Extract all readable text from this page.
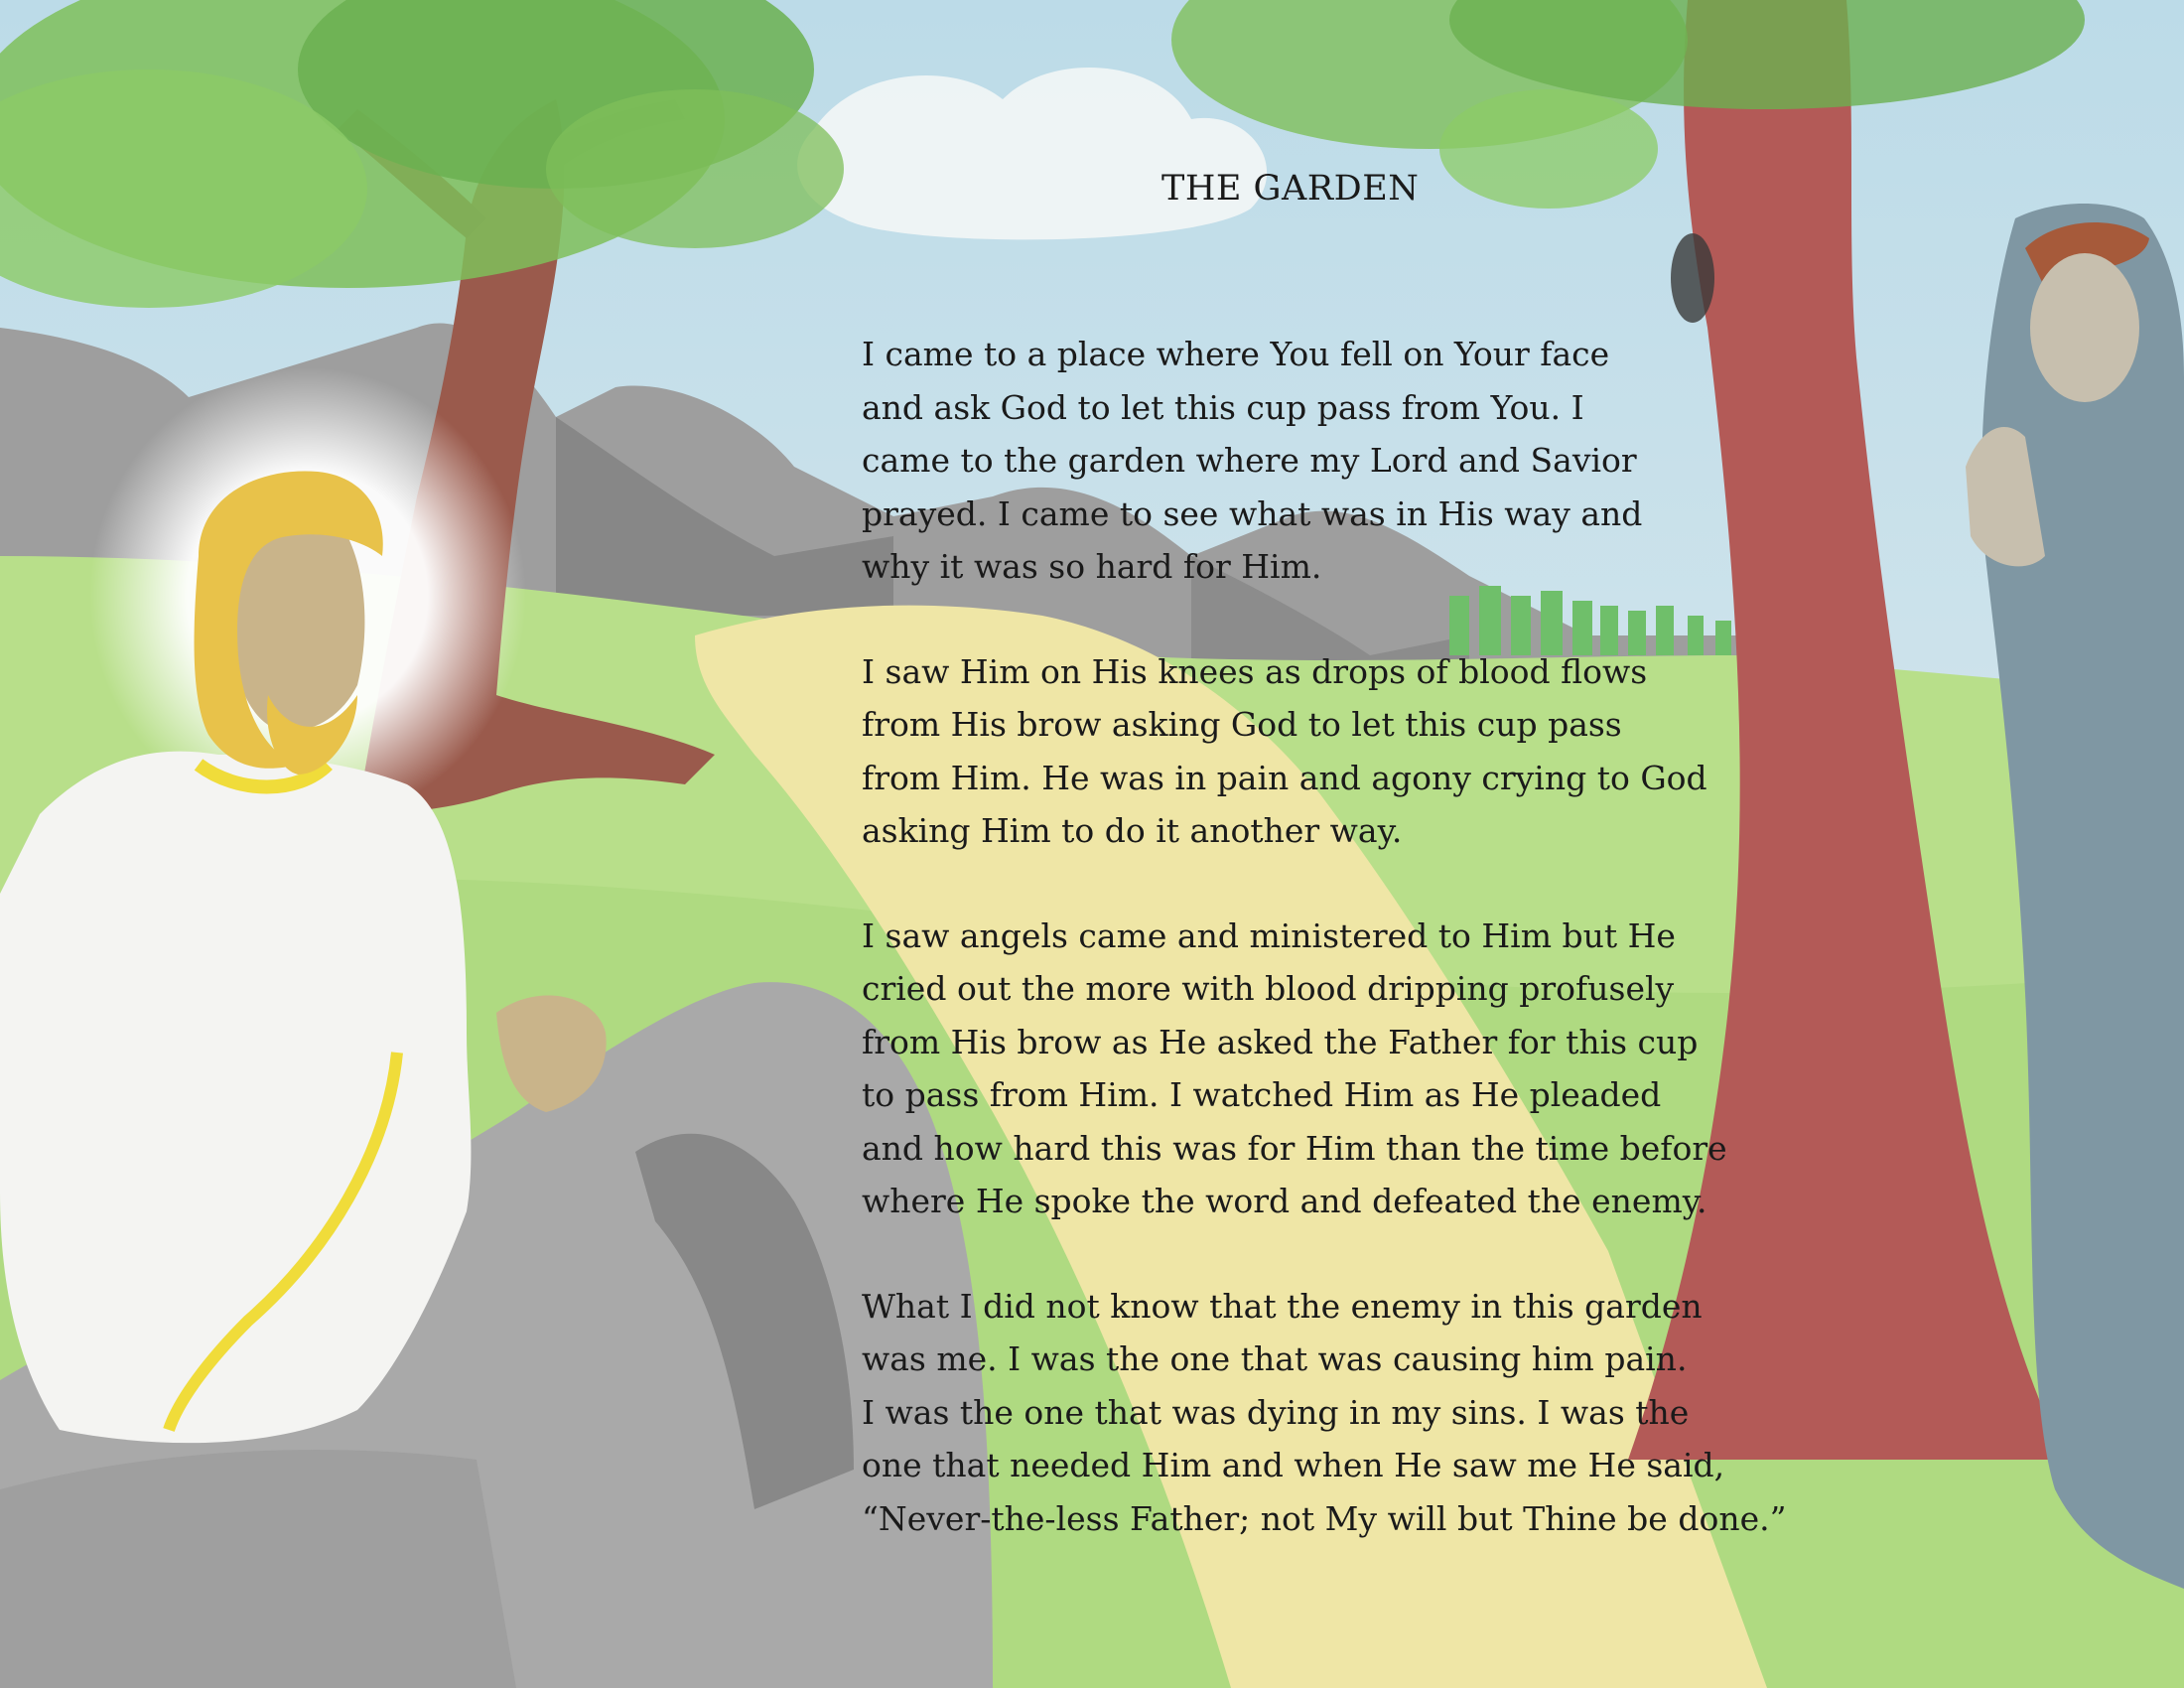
THE GARDEN
I came to a place where You fell on Your face
and ask God to let this cup pass from You. I
came to the garden where my Lord and Savior
prayed. I came to see what was in His way and
why it was so hard for Him.
I saw Him on His knees as drops of blood flows
from His brow asking God to let this cup pass
from Him. He was in pain and agony crying to God
asking Him to do it another way.
I saw angels came and ministered to Him but He
cried out the more with blood dripping profusely
from His brow as He asked the Father for this cup
to pass from Him. I watched Him as He pleaded
and how hard this was for Him than the time before
where He spoke the word and defeated the enemy.
What I did not know that the enemy in this garden
was me. I was the one that was causing him pain.
I was the one that was dying in my sins. I was the
one that needed Him and when He saw me He said,
“Never-the-less Father; not My will but Thine be done.”
